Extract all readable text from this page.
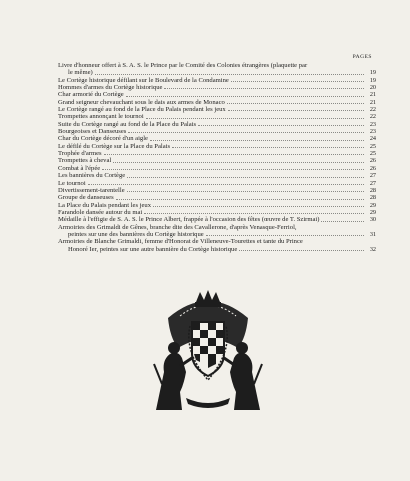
PAGES
Livre d'honneur offert à S. A. S. le Prince par le Comité des Colonies étrangères (plaquette par
le même)	19
Le Cortège historique défilant sur le Boulevard de la Condamine	19
Hommes d'armes du Cortège historique	20
Char armorié du Cortège	21
Grand seigneur chevauchant sous le dais aux armes de Monaco	21
Le Cortège rangé au fond de la Place du Palais pendant les jeux	22
Trompettes annonçant le tournoi	22
Suite du Cortège rangé au fond de la Place du Palais	23
Bourgeoises et Danseuses	23
Char du Cortège décoré d'un aigle	24
Le défilé du Cortège sur la Place du Palais	25
Trophée d'armes	25
Trompettes à cheval	26
Combat à l'épée	26
Les bannières du Cortège	27
Le tournoi	27
Divertissement-tarentelle	28
Groupe de danseuses	28
La Place du Palais pendant les jeux	29
Farandole dansée autour du mai	29
Médaille à l'effigie de S. A. S. le Prince Albert, frappée à l'occasion des fêtes (œuvre de T. Szirmai)	30
Armoiries des Grimaldi de Gênes, branche dite des Cavallerone, d'après Venasque-Ferriol,
peintes sur une des bannières du Cortège historique	31
Armoiries de Blanche Grimaldi, femme d'Honorat de Villeneuve-Tourettes et tante du Prince
Honoré Ier, peintes sur une autre bannière du Cortège historique	32
